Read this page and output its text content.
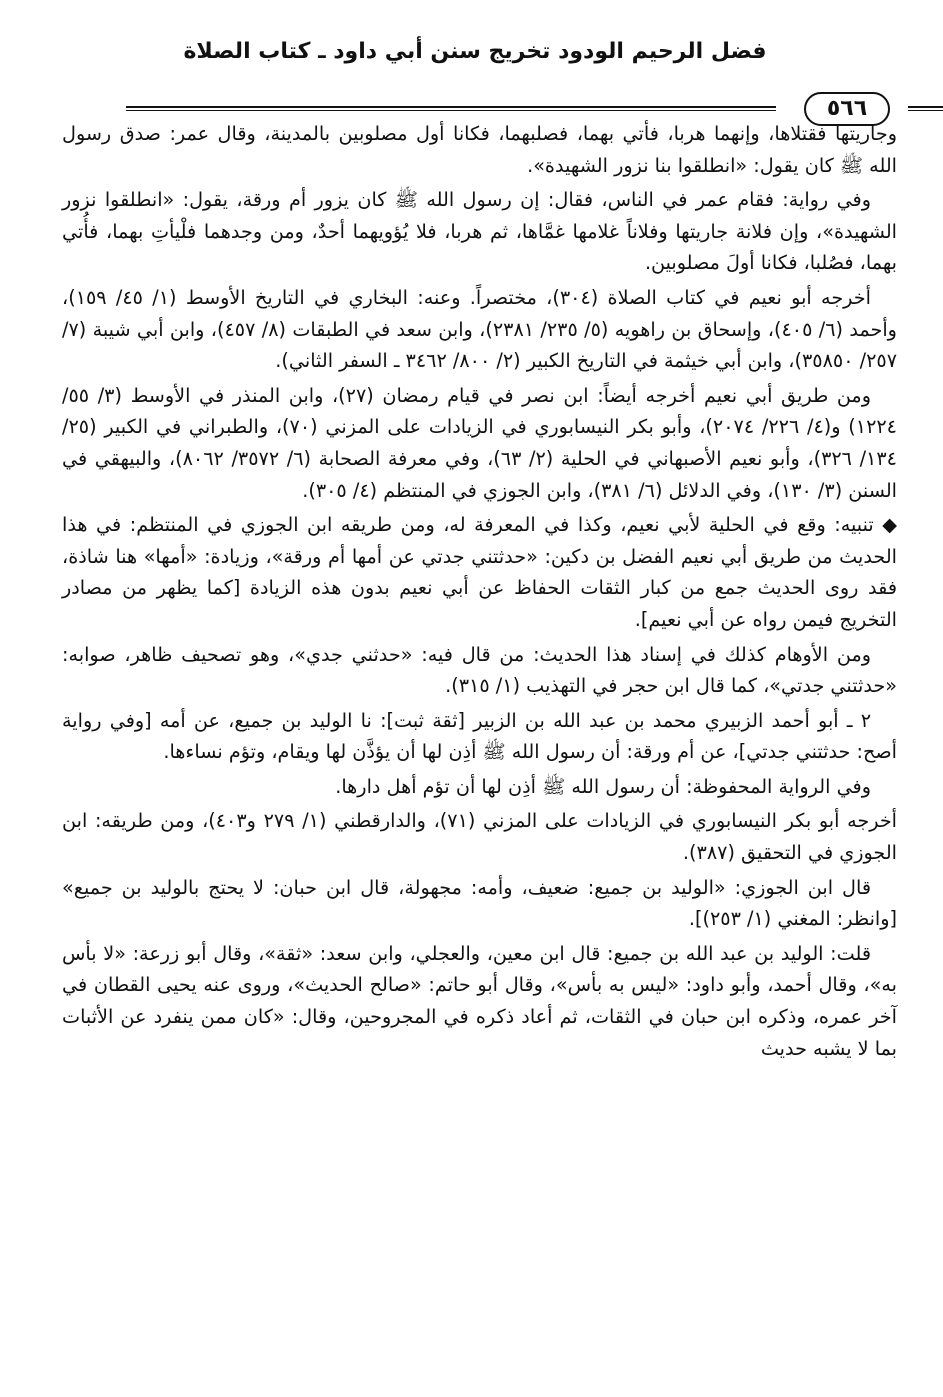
فضل الرحيم الودود تخريج سنن أبي داود ـ كتاب الصلاة
٥٦٦

وجاريتها فقتلاها، وإنهما هربا، فأتي بهما، فصلبهما، فكانا أول مصلوبين بالمدينة، وقال عمر: صدق رسول الله ﷺ كان يقول: «انطلقوا بنا نزور الشهيدة».

وفي رواية: فقام عمر في الناس، فقال: إن رسول الله ﷺ كان يزور أم ورقة، يقول: «انطلقوا نزور الشهيدة»، وإن فلانة جاريتها وفلاناً غلامها غمَّاها، ثم هربا، فلا يُؤويهما أحدٌ، ومن وجدهما فلْيأتِ بهما، فأُتي بهما، فصُلبا، فكانا أولَ مصلوبين.

أخرجه أبو نعيم في كتاب الصلاة (٣٠٤)، مختصراً. وعنه: البخاري في التاريخ الأوسط (١/ ٤٥/ ١٥٩)، وأحمد (٦/ ٤٠٥)، وإسحاق بن راهويه (٥/ ٢٣٥/ ٢٣٨١)، وابن سعد في الطبقات (٨/ ٤٥٧)، وابن أبي شيبة (٧/ ٢٥٧/ ٣٥٨٥٠)، وابن أبي خيثمة في التاريخ الكبير (٢/ ٨٠٠/ ٣٤٦٢ ـ السفر الثاني).

ومن طريق أبي نعيم أخرجه أيضاً: ابن نصر في قيام رمضان (٢٧)، وابن المنذر في الأوسط (٣/ ٥٥/ ١٢٢٤) و(٤/ ٢٢٦/ ٢٠٧٤)، وأبو بكر النيسابوري في الزيادات على المزني (٧٠)، والطبراني في الكبير (٢٥/ ١٣٤/ ٣٢٦)، وأبو نعيم الأصبهاني في الحلية (٢/ ٦٣)، وفي معرفة الصحابة (٦/ ٣٥٧٢/ ٨٠٦٢)، والبيهقي في السنن (٣/ ١٣٠)، وفي الدلائل (٦/ ٣٨١)، وابن الجوزي في المنتظم (٤/ ٣٠٥).

◆ تنبيه: وقع في الحلية لأبي نعيم، وكذا في المعرفة له، ومن طريقه ابن الجوزي في المنتظم: في هذا الحديث من طريق أبي نعيم الفضل بن دكين: «حدثتني جدتي عن أمها أم ورقة»، وزيادة: «أمها» هنا شاذة، فقد روى الحديث جمع من كبار الثقات الحفاظ عن أبي نعيم بدون هذه الزيادة [كما يظهر من مصادر التخريج فيمن رواه عن أبي نعيم].

ومن الأوهام كذلك في إسناد هذا الحديث: من قال فيه: «حدثني جدي»، وهو تصحيف ظاهر، صوابه: «حدثتني جدتي»، كما قال ابن حجر في التهذيب (١/ ٣١٥).

٢ ـ أبو أحمد الزبيري محمد بن عبد الله بن الزبير [ثقة ثبت]: نا الوليد بن جميع، عن أمه [وفي رواية أصح: حدثتني جدتي]، عن أم ورقة: أن رسول الله ﷺ أذِن لها أن يؤذَّن لها ويقام، وتؤم نساءها.

وفي الرواية المحفوظة: أن رسول الله ﷺ أذِن لها أن تؤم أهل دارها.

أخرجه أبو بكر النيسابوري في الزيادات على المزني (٧١)، والدارقطني (١/ ٢٧٩ و٤٠٣)، ومن طريقه: ابن الجوزي في التحقيق (٣٨٧).

قال ابن الجوزي: «الوليد بن جميع: ضعيف، وأمه: مجهولة، قال ابن حبان: لا يحتج بالوليد بن جميع» [وانظر: المغني (١/ ٢٥٣)].

قلت: الوليد بن عبد الله بن جميع: قال ابن معين، والعجلي، وابن سعد: «ثقة»، وقال أبو زرعة: «لا بأس به»، وقال أحمد، وأبو داود: «ليس به بأس»، وقال أبو حاتم: «صالح الحديث»، وروى عنه يحيى القطان في آخر عمره، وذكره ابن حبان في الثقات، ثم أعاد ذكره في المجروحين، وقال: «كان ممن ينفرد عن الأثبات بما لا يشبه حديث
